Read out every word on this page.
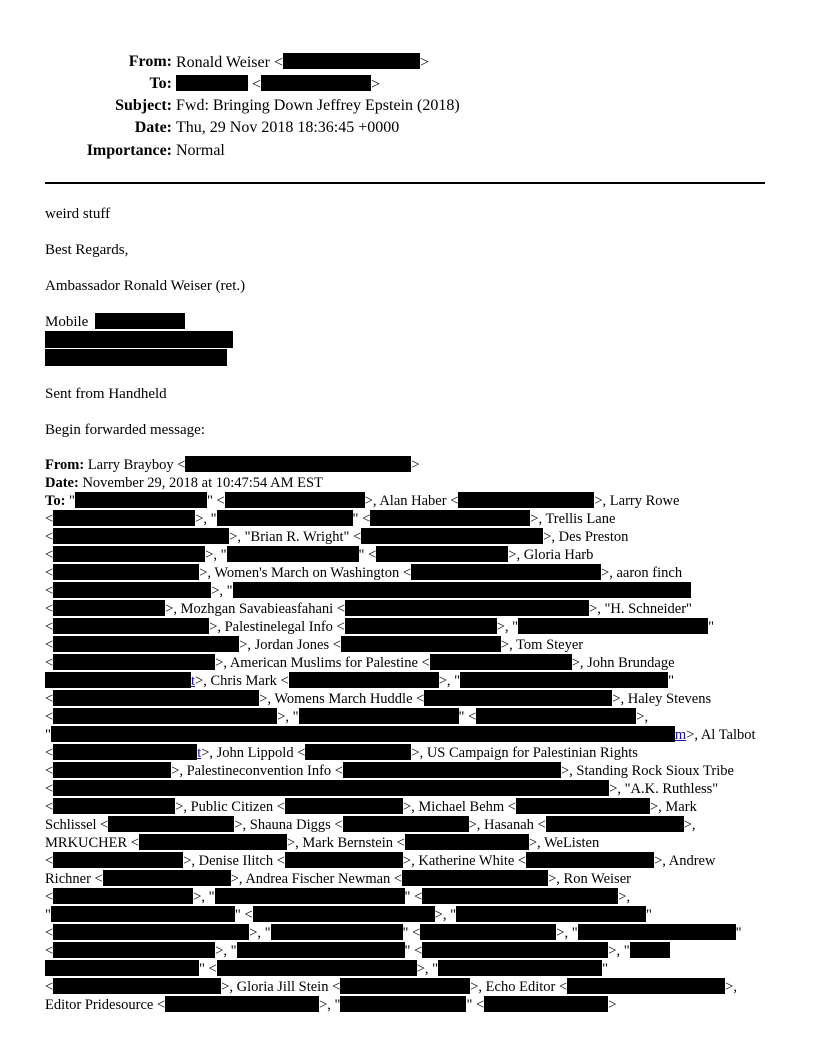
From: Ronald Weiser <	>
To:	<	>
Subject: Fwd: Bringing Down Jeffrey Epstein (2018)
Date: Thu, 29 Nov 2018 18:36:45 +0000
Importance: Normal
weird stuff
Best Regards,
Ambassador Ronald Weiser (ret.)
Mobile
Sent from Handheld
Begin forwarded message:
From: Larry Brayboy <	>
Date: November 29, 2018 at 10:47:54 AM EST
To: "	" <	>, Alan Haber <	>, Larry Rowe
<	>, "	" <	>, Trellis Lane
<	>, "Brian R. Wright" <	>, Des Preston
<	>, "	" <	>, Gloria Harb
<	>, Women's March on Washington <	>, aaron finch
<	>, "
<	>, Mozhgan Savabieasfahani <	>, "H. Schneider"
<	>, Palestinelegal Info <	>, "	"
<	>, Jordan Jones <	>, Tom Steyer
<	>, American Muslims for Palestine <	>, John Brundage
t>, Chris Mark <	>, "	"
<	>, Womens March Huddle <	>, Haley Stevens
<	>, "	" <	>,
"	m>, Al Talbot
<	t>, John Lippold <	>, US Campaign for Palestinian Rights
<	>, Palestineconvention Info <	>, Standing Rock Sioux Tribe
<	>, "A.K. Ruthless"
<	>, Public Citizen <	>, Michael Behm <	>, Mark
Schlissel <	>, Shauna Diggs <	>, Hasanah <	>,
MRKUCHER <	>, Mark Bernstein <	>, WeListen
<	>, Denise Ilitch <	>, Katherine White <	>, Andrew
Richner <	>, Andrea Fischer Newman <	>, Ron Weiser
<	>, "	" <	>,
"	" <	>, "	"
<	>, "	" <	>, "	"
<	>, "	" <	>, "
" <	>, "	"
<	>, Gloria Jill Stein <	>, Echo Editor <	>,
Editor Pridesource <	>, "	" <	>
